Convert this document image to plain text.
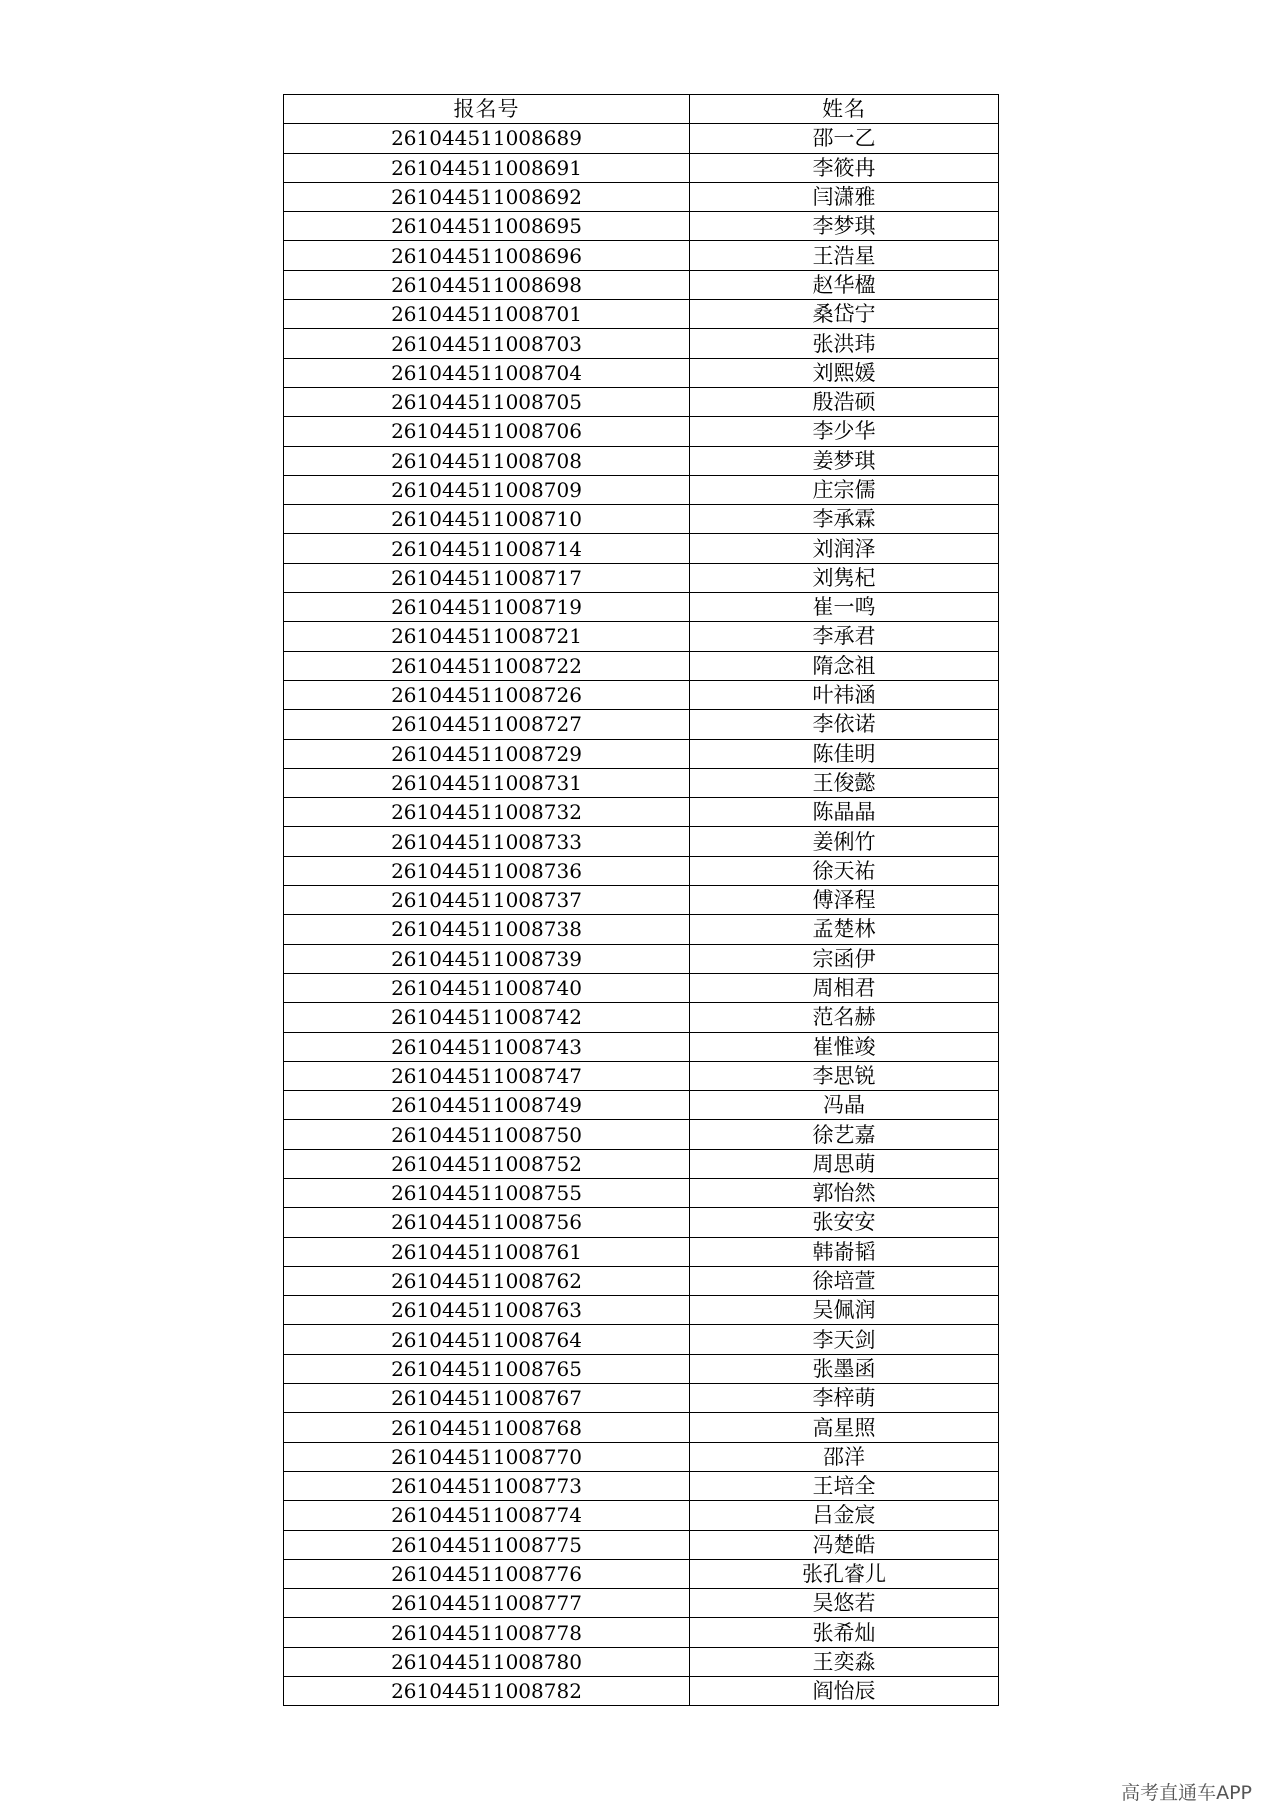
报名号	姓名
261044511008689	邵一乙
261044511008691	李筱冉
261044511008692	闫潇雅
261044511008695	李梦琪
261044511008696	王浩星
261044511008698	赵华楹
261044511008701	桑岱宁
261044511008703	张洪玮
261044511008704	刘熙媛
261044511008705	殷浩硕
261044511008706	李少华
261044511008708	姜梦琪
261044511008709	庄宗儒
261044511008710	李承霖
261044511008714	刘润泽
261044511008717	刘隽杞
261044511008719	崔一鸣
261044511008721	李承君
261044511008722	隋念祖
261044511008726	叶祎涵
261044511008727	李依诺
261044511008729	陈佳明
261044511008731	王俊懿
261044511008732	陈晶晶
261044511008733	姜俐竹
261044511008736	徐天祐
261044511008737	傅泽程
261044511008738	孟楚林
261044511008739	宗函伊
261044511008740	周相君
261044511008742	范名赫
261044511008743	崔惟竣
261044511008747	李思锐
261044511008749	冯晶
261044511008750	徐艺嘉
261044511008752	周思萌
261044511008755	郭怡然
261044511008756	张安安
261044511008761	韩嵛韬
261044511008762	徐培萱
261044511008763	吴佩润
261044511008764	李天剑
261044511008765	张墨函
261044511008767	李梓萌
261044511008768	高星照
261044511008770	邵洋
261044511008773	王培全
261044511008774	吕金宸
261044511008775	冯楚皓
261044511008776	张孔睿儿
261044511008777	吴悠若
261044511008778	张希灿
261044511008780	王奕淼
261044511008782	阎怡辰
高考直通车APP
